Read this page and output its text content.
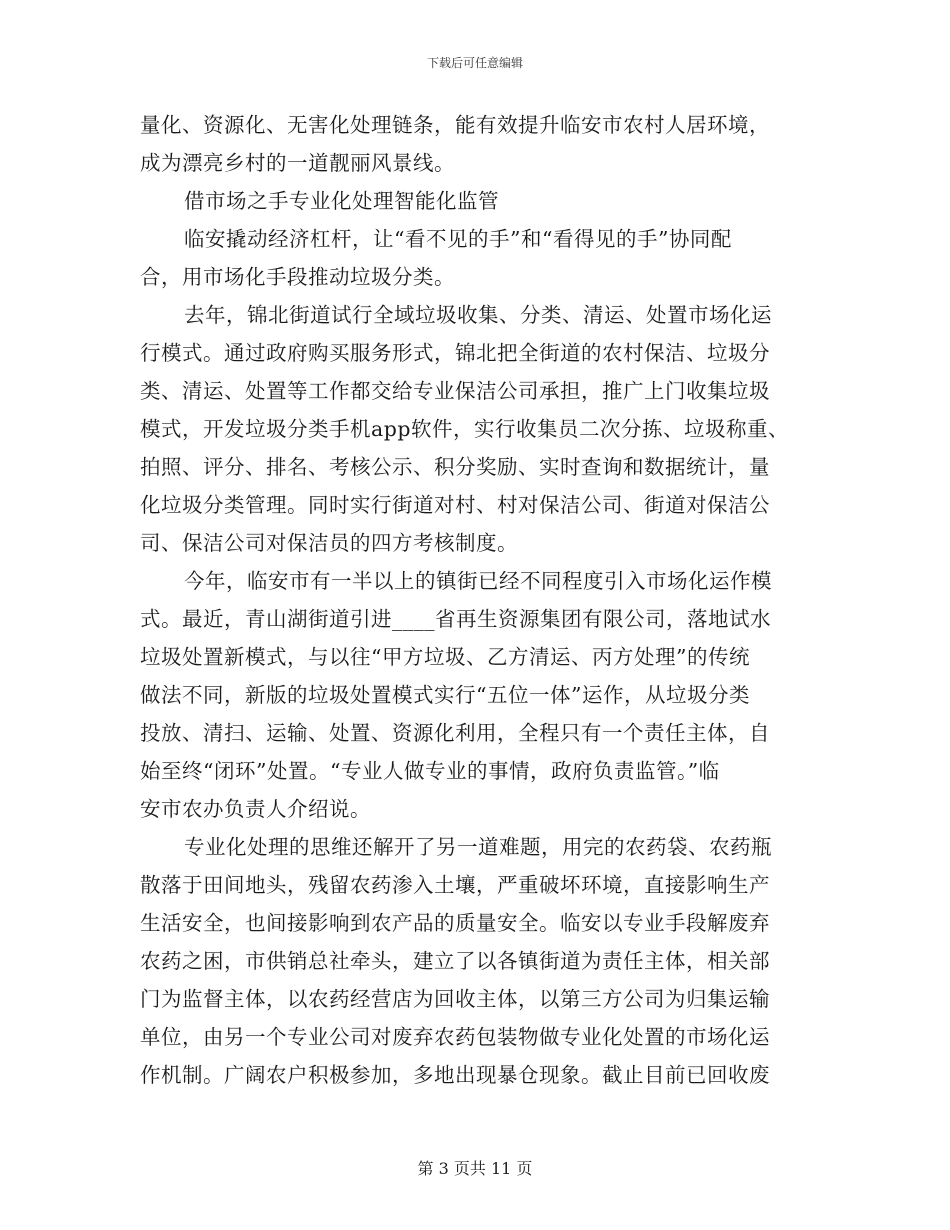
下载后可任意编辑

量化、资源化、无害化处理链条，能有效提升临安市农村人居环境，
成为漂亮乡村的一道靓丽风景线。

借市场之手专业化处理智能化监管

临安撬动经济杠杆，让“看不见的手”和“看得见的手”协同配
合，用市场化手段推动垃圾分类。

去年，锦北街道试行全域垃圾收集、分类、清运、处置市场化运
行模式。通过政府购买服务形式，锦北把全街道的农村保洁、垃圾分
类、清运、处置等工作都交给专业保洁公司承担，推广上门收集垃圾
模式，开发垃圾分类手机app软件，实行收集员二次分拣、垃圾称重、
拍照、评分、排名、考核公示、积分奖励、实时查询和数据统计，量
化垃圾分类管理。同时实行街道对村、村对保洁公司、街道对保洁公
司、保洁公司对保洁员的四方考核制度。

今年，临安市有一半以上的镇街已经不同程度引入市场化运作模
式。最近，青山湖街道引进____省再生资源集团有限公司，落地试水
垃圾处置新模式，与以往“甲方垃圾、乙方清运、丙方处理”的传统
做法不同，新版的垃圾处置模式实行“五位一体”运作，从垃圾分类
投放、清扫、运输、处置、资源化利用，全程只有一个责任主体，自
始至终“闭环”处置。“专业人做专业的事情，政府负责监管。”临
安市农办负责人介绍说。

专业化处理的思维还解开了另一道难题，用完的农药袋、农药瓶
散落于田间地头，残留农药渗入土壤，严重破坏环境，直接影响生产
生活安全，也间接影响到农产品的质量安全。临安以专业手段解废弃
农药之困，市供销总社牵头，建立了以各镇街道为责任主体，相关部
门为监督主体，以农药经营店为回收主体，以第三方公司为归集运输
单位，由另一个专业公司对废弃农药包装物做专业化处置的市场化运
作机制。广阔农户积极参加，多地出现暴仓现象。截止目前已回收废

第 3 页共 11 页
